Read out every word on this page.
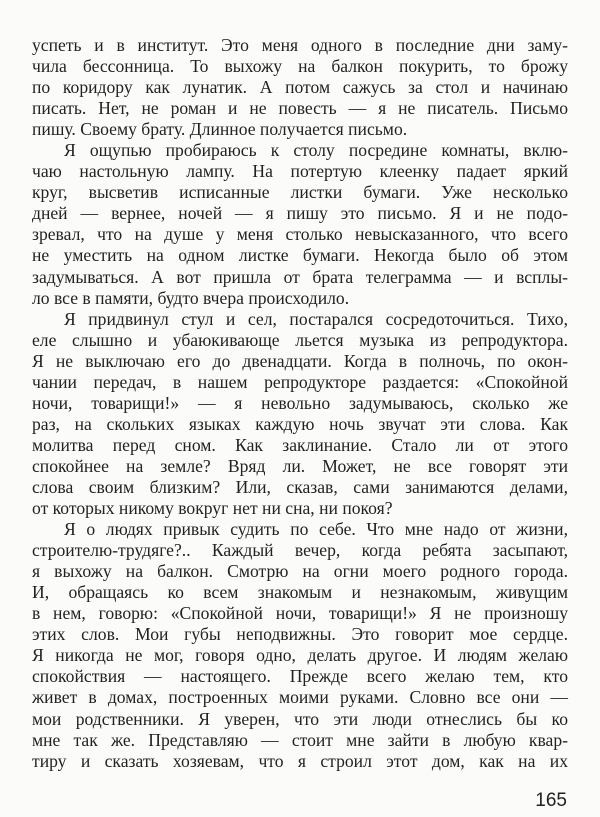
успеть и в институт. Это меня одного в последние дни заму-
чила бессонница. То выхожу на балкон покурить, то брожу
по коридору как лунатик. А потом сажусь за стол и начинаю
писать. Нет, не роман и не повесть — я не писатель. Письмо
пишу. Своему брату. Длинное получается письмо.
Я ощупью пробираюсь к столу посредине комнаты, вклю-
чаю настольную лампу. На потертую клеенку падает яркий
круг, высветив исписанные листки бумаги. Уже несколько
дней — вернее, ночей — я пишу это письмо. Я и не подо-
зревал, что на душе у меня столько невысказанного, что всего
не уместить на одном листке бумаги. Некогда было об этом
задумываться. А вот пришла от брата телеграмма — и всплы-
ло все в памяти, будто вчера происходило.
Я придвинул стул и сел, постарался сосредоточиться. Тихо,
еле слышно и убаюкивающе льется музыка из репродуктора.
Я не выключаю его до двенадцати. Когда в полночь, по окон-
чании передач, в нашем репродукторе раздается: «Спокойной
ночи, товарищи!» — я невольно задумываюсь, сколько же
раз, на скольких языках каждую ночь звучат эти слова. Как
молитва перед сном. Как заклинание. Стало ли от этого
спокойнее на земле? Вряд ли. Может, не все говорят эти
слова своим близким? Или, сказав, сами занимаются делами,
от которых никому вокруг нет ни сна, ни покоя?
Я о людях привык судить по себе. Что мне надо от жизни,
строителю-трудяге?.. Каждый вечер, когда ребята засыпают,
я выхожу на балкон. Смотрю на огни моего родного города.
И, обращаясь ко всем знакомым и незнакомым, живущим
в нем, говорю: «Спокойной ночи, товарищи!» Я не произношу
этих слов. Мои губы неподвижны. Это говорит мое сердце.
Я никогда не мог, говоря одно, делать другое. И людям желаю
спокойствия — настоящего. Прежде всего желаю тем, кто
живет в домах, построенных моими руками. Словно все они —
мои родственники. Я уверен, что эти люди отнеслись бы ко
мне так же. Представляю — стоит мне зайти в любую квар-
тиру и сказать хозяевам, что я строил этот дом, как на их
165
